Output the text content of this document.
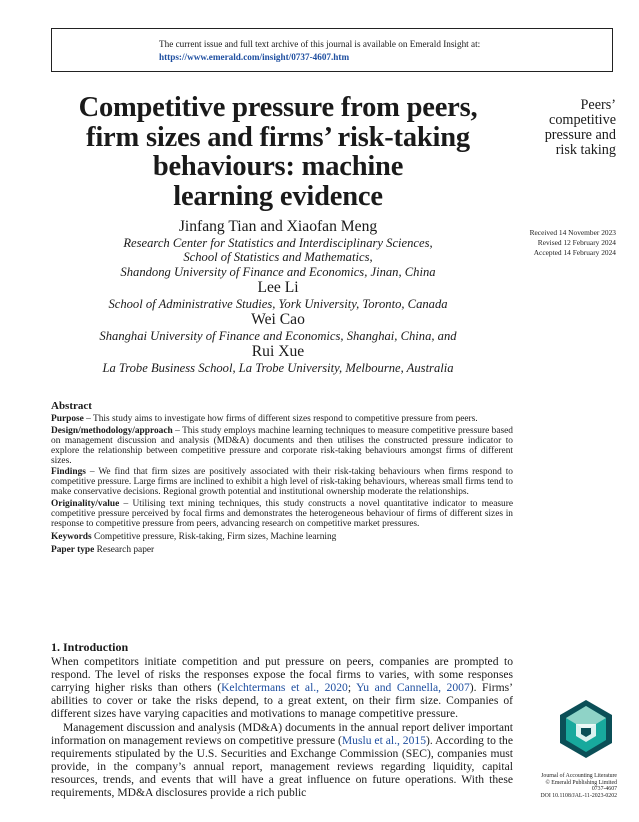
The current issue and full text archive of this journal is available on Emerald Insight at:
https://www.emerald.com/insight/0737-4607.htm
Competitive pressure from peers,
firm sizes and firms’ risk-taking
behaviours: machine
learning evidence
Peers’
competitive
pressure and
risk taking
Received 14 November 2023
Revised 12 February 2024
Accepted 14 February 2024
Jinfang Tian and Xiaofan Meng
Research Center for Statistics and Interdisciplinary Sciences,
School of Statistics and Mathematics,
Shandong University of Finance and Economics, Jinan, China
Lee Li
School of Administrative Studies, York University, Toronto, Canada
Wei Cao
Shanghai University of Finance and Economics, Shanghai, China, and
Rui Xue
La Trobe Business School, La Trobe University, Melbourne, Australia
Abstract

Purpose – This study aims to investigate how firms of different sizes respond to competitive pressure from peers.

Design/methodology/approach – This study employs machine learning techniques to measure competitive pressure based on management discussion and analysis (MD&A) documents and then utilises the constructed pressure indicator to explore the relationship between competitive pressure and corporate risk-taking behaviours amongst firms of different sizes.

Findings – We find that firm sizes are positively associated with their risk-taking behaviours when firms respond to competitive pressure. Large firms are inclined to exhibit a high level of risk-taking behaviours, whereas small firms tend to make conservative decisions. Regional growth potential and institutional ownership moderate the relationships.

Originality/value – Utilising text mining techniques, this study constructs a novel quantitative indicator to measure competitive pressure perceived by focal firms and demonstrates the heterogeneous behaviour of firms of different sizes in response to competitive pressure from peers, advancing research on competitive market pressures.

Keywords Competitive pressure, Risk-taking, Firm sizes, Machine learning

Paper type Research paper

1. Introduction

When competitors initiate competition and put pressure on peers, companies are prompted to respond. The level of risks the responses expose the focal firms to varies, with some responses carrying higher risks than others (Kelchtermans et al., 2020; Yu and Cannella, 2007). Firms’ abilities to cover or take the risks depend, to a great extent, on their firm size. Companies of different sizes have varying capacities and motivations to manage competitive pressure.

Management discussion and analysis (MD&A) documents in the annual report deliver important information on management reviews on competitive pressure (Muslu et al., 2015). According to the requirements stipulated by the U.S. Securities and Exchange Commission (SEC), companies must provide, in the company’s annual report, management reviews regarding liquidity, capital resources, trends, and events that will have a great influence on future operations. With these requirements, MD&A disclosures provide a rich public

Journal of Accounting Literature
© Emerald Publishing Limited
0737-4607
DOI 10.1108/JAL-11-2023-0202
